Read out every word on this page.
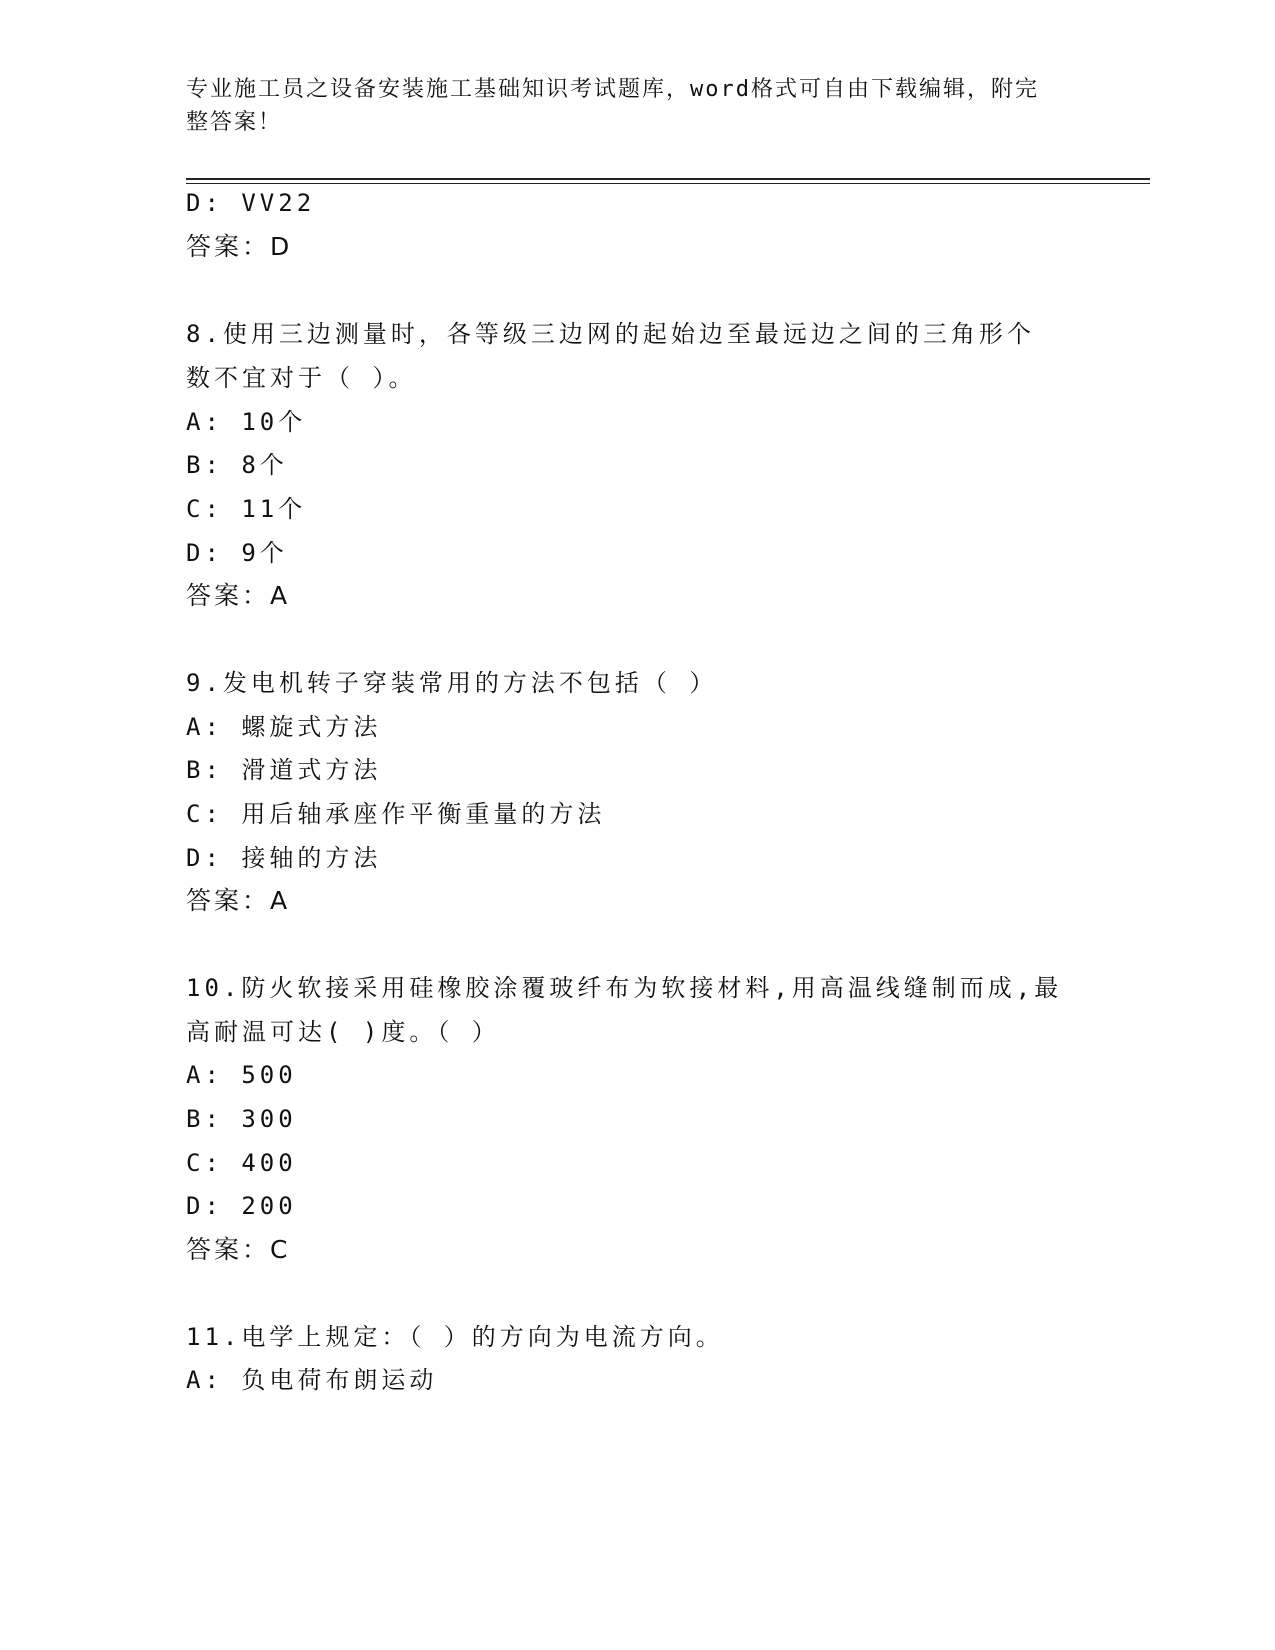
专业施工员之设备安装施工基础知识考试题库，word格式可自由下载编辑，附完
整答案！
D: VV22
答案：D
8.使用三边测量时，各等级三边网的起始边至最远边之间的三角形个
数不宜对于（ ）。
A: 10个
B: 8个
C: 11个
D: 9个
答案：A
9.发电机转子穿装常用的方法不包括（ ）
A: 螺旋式方法
B: 滑道式方法
C: 用后轴承座作平衡重量的方法
D: 接轴的方法
答案：A
10.防火软接采用硅橡胶涂覆玻纤布为软接材料,用高温线缝制而成,最
高耐温可达( )度。（ ）
A: 500
B: 300
C: 400
D: 200
答案：C
11.电学上规定：（ ）的方向为电流方向。
A: 负电荷布朗运动
